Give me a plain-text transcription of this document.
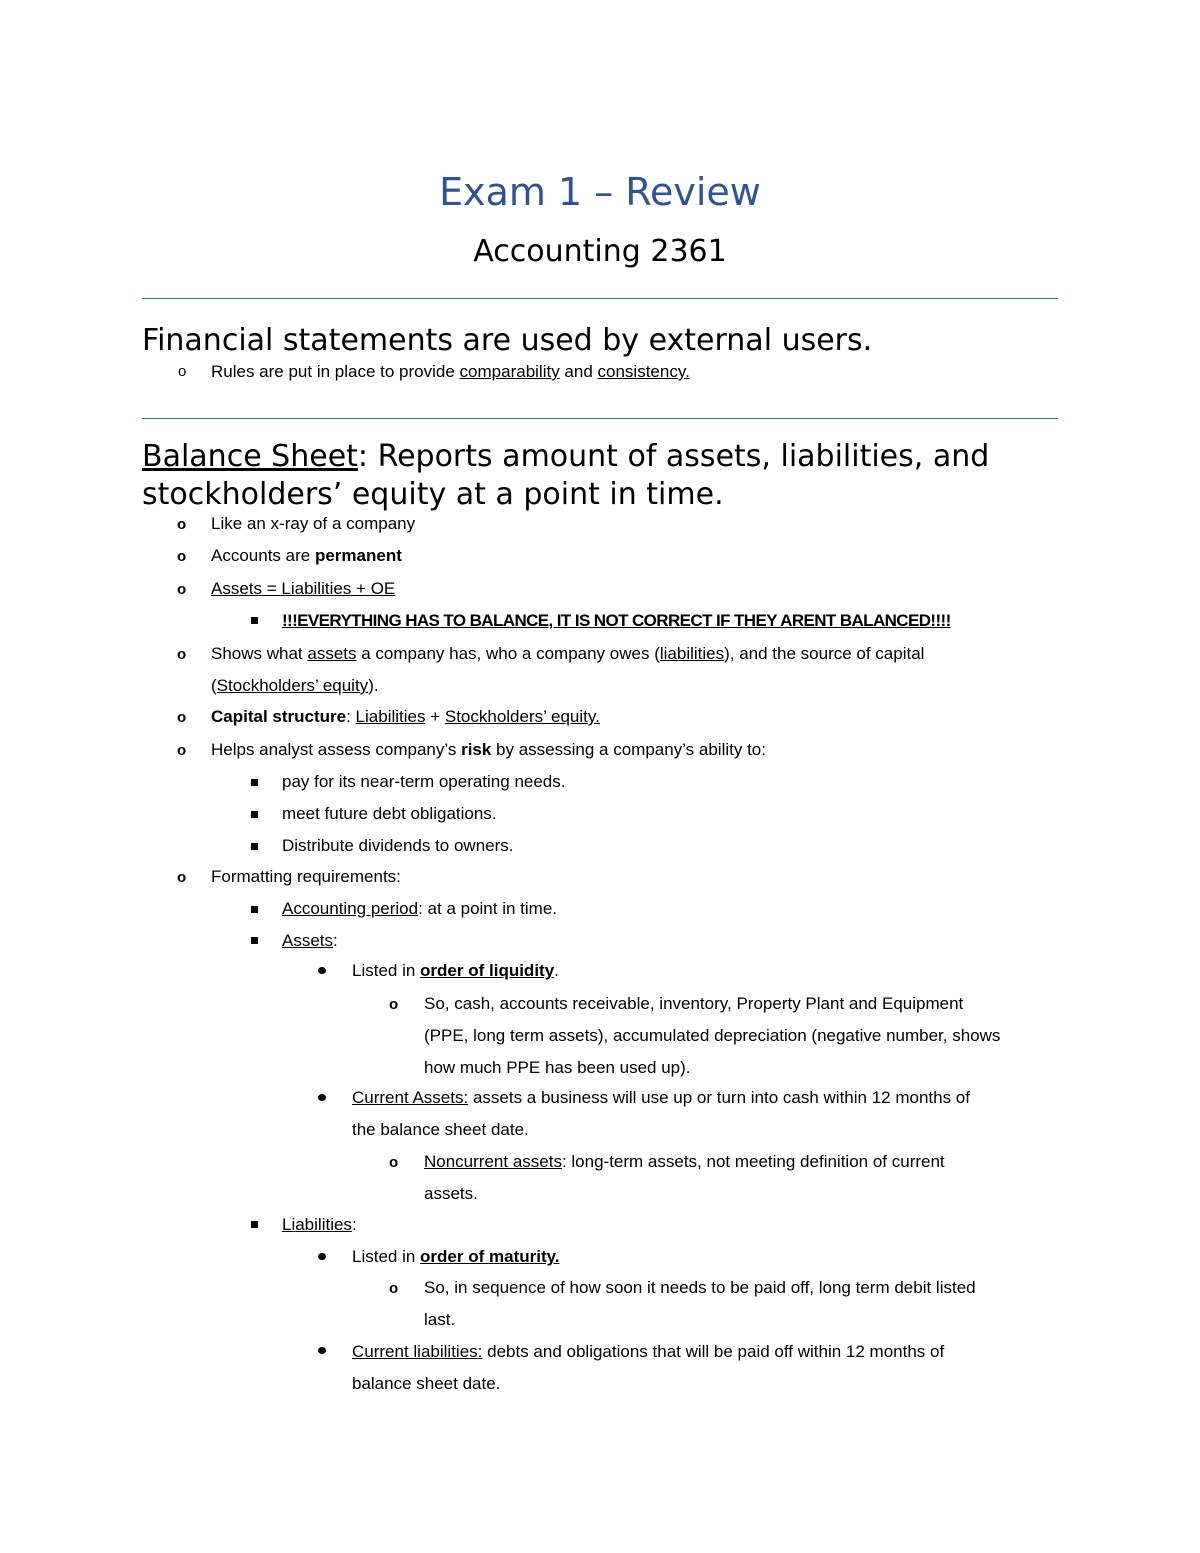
Exam 1 – Review
Accounting 2361
Financial statements are used by external users.
o Rules are put in place to provide comparability and consistency.
Balance Sheet: Reports amount of assets, liabilities, and
stockholders’ equity at a point in time.
o Like an x-ray of a company
o Accounts are permanent
o Assets = Liabilities + OE
!!!EVERYTHING HAS TO BALANCE, IT IS NOT CORRECT IF THEY ARENT BALANCED!!!!
o Shows what assets a company has, who a company owes (liabilities), and the source of capital
(Stockholders’ equity).
o Capital structure: Liabilities + Stockholders’ equity.
o Helps analyst assess company’s risk by assessing a company’s ability to:
pay for its near-term operating needs.
meet future debt obligations.
Distribute dividends to owners.
o Formatting requirements:
Accounting period: at a point in time.
Assets:
Listed in order of liquidity.
o So, cash, accounts receivable, inventory, Property Plant and Equipment
(PPE, long term assets), accumulated depreciation (negative number, shows
how much PPE has been used up).
Current Assets: assets a business will use up or turn into cash within 12 months of
the balance sheet date.
o Noncurrent assets: long-term assets, not meeting definition of current
assets.
Liabilities:
Listed in order of maturity.
o So, in sequence of how soon it needs to be paid off, long term debit listed
last.
Current liabilities: debts and obligations that will be paid off within 12 months of
balance sheet date.
